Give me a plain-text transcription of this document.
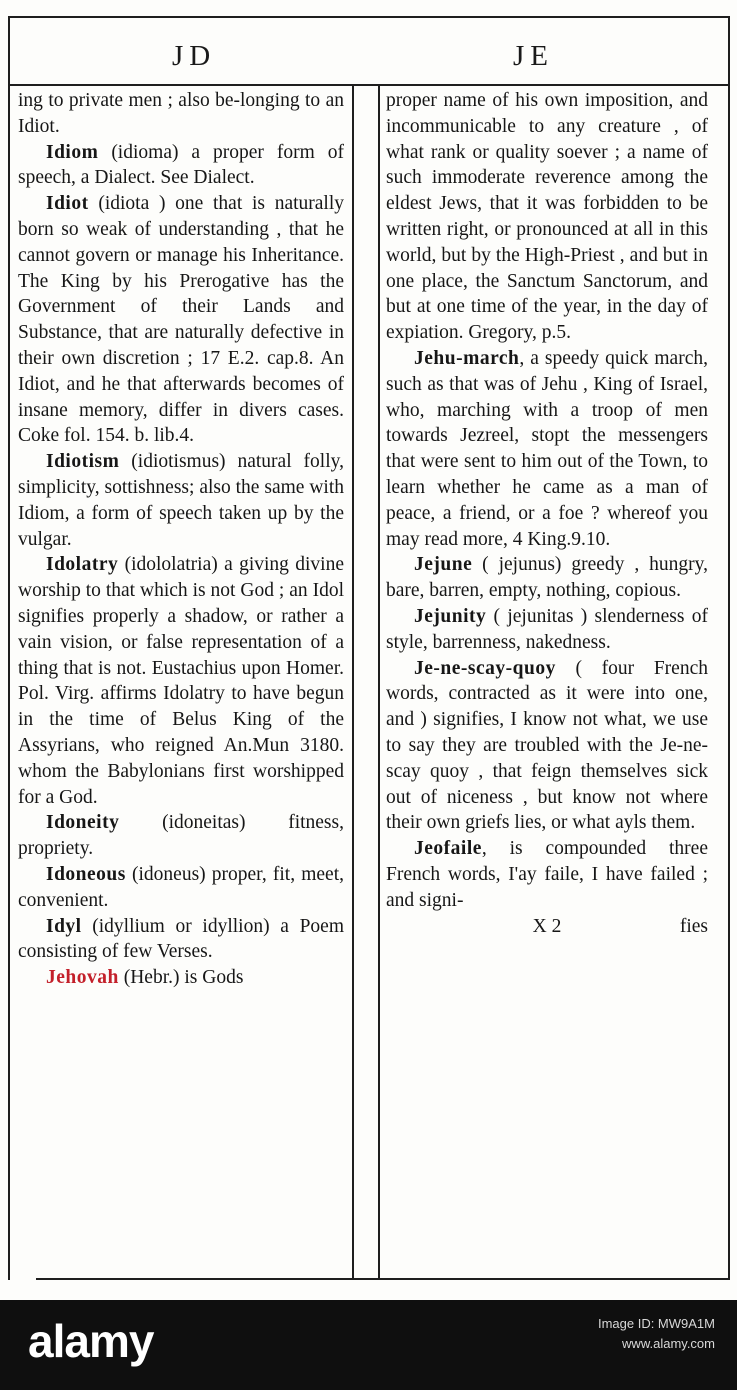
JD	JE

ing to private men ; also be-longing to an Idiot.

Idiom (idioma) a proper form of speech, a Dialect. See Dialect.

Idiot (idiota ) one that is naturally born so weak of understanding , that he cannot govern or manage his Inheritance. The King by his Prerogative has the Government of their Lands and Substance, that are naturally defective in their own discretion ; 17 E.2. cap.8. An Idiot, and he that afterwards becomes of insane memory, differ in divers cases. Coke fol. 154. b. lib.4.

Idiotism (idiotismus) natural folly, simplicity, sottishness; also the same with Idiom, a form of speech taken up by the vulgar.

Idolatry (idololatria) a giving divine worship to that which is not God ; an Idol signifies properly a shadow, or rather a vain vision, or false representation of a thing that is not. Eustachius upon Homer. Pol. Virg. affirms Idolatry to have begun in the time of Belus King of the Assyrians, who reigned An.Mun 3180. whom the Babylonians first worshipped for a God.

Idoneity (idoneitas) fitness, propriety.

Idoneous (idoneus) proper, fit, meet, convenient.

Idyl (idyllium or idyllion) a Poem consisting of few Verses.

Jehovah (Hebr.) is Gods

proper name of his own imposition, and incommunicable to any creature , of what rank or quality soever ; a name of such immoderate reverence among the eldest Jews, that it was forbidden to be written right, or pronounced at all in this world, but by the High-Priest , and but in one place, the Sanctum Sanctorum, and but at one time of the year, in the day of expiation. Gregory, p.5.

Jehu-march, a speedy quick march, such as that was of Jehu , King of Israel, who, marching with a troop of men towards Jezreel, stopt the messengers that were sent to him out of the Town, to learn whether he came as a man of peace, a friend, or a foe ? whereof you may read more, 4 King.9.10.

Jejune ( jejunus) greedy , hungry, bare, barren, empty, nothing, copious.

Jejunity ( jejunitas ) slenderness of style, barrenness, nakedness.

Je-ne-scay-quoy ( four French words, contracted as it were into one, and ) signifies, I know not what, we use to say they are troubled with the Je-ne-scay quoy , that feign themselves sick out of niceness , but know not where their own griefs lies, or what ayls them.

Jeofaile, is compounded three French words, I'ay faile, I have failed ; and signi-

X 2	fies

alamy	Image ID: MW9A1M
www.alamy.com
